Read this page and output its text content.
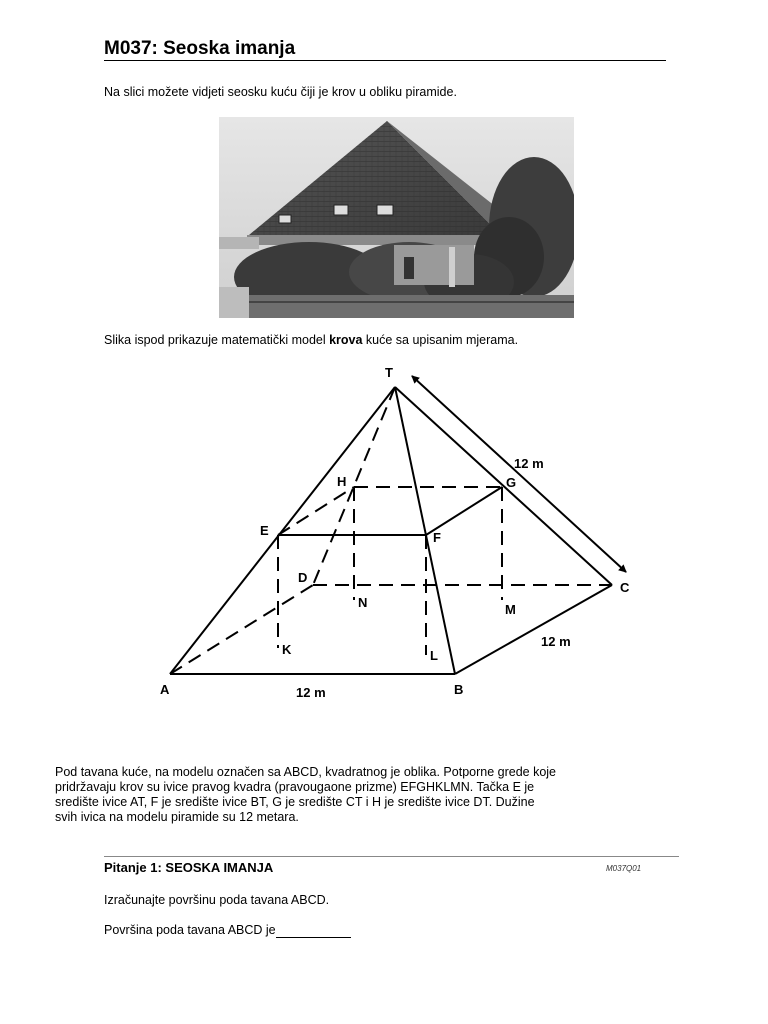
M037: Seoska imanja
Na slici možete vidjeti seosku kuću čiji je krov u obliku piramide.
Slika ispod prikazuje matematički model krova kuće sa upisanim mjerama.
T
A	B
C
D
E	F
G
H
K	L
M
N
12 m
12 m
12 m
Pod tavana kuće, na modelu označen sa ABCD, kvadratnog je oblika. Potporne grede koje
pridržavaju krov su ivice pravog kvadra (pravougaone prizme) EFGHKLMN. Tačka E je
središte ivice AT, F je središte ivice BT, G je središte CT i H je središte ivice DT. Dužine
svih ivica na modelu piramide su 12 metara.
Pitanje 1: SEOSKA IMANJA	M037Q01
Izračunajte površinu poda tavana ABCD.
Površina poda tavana ABCD je
